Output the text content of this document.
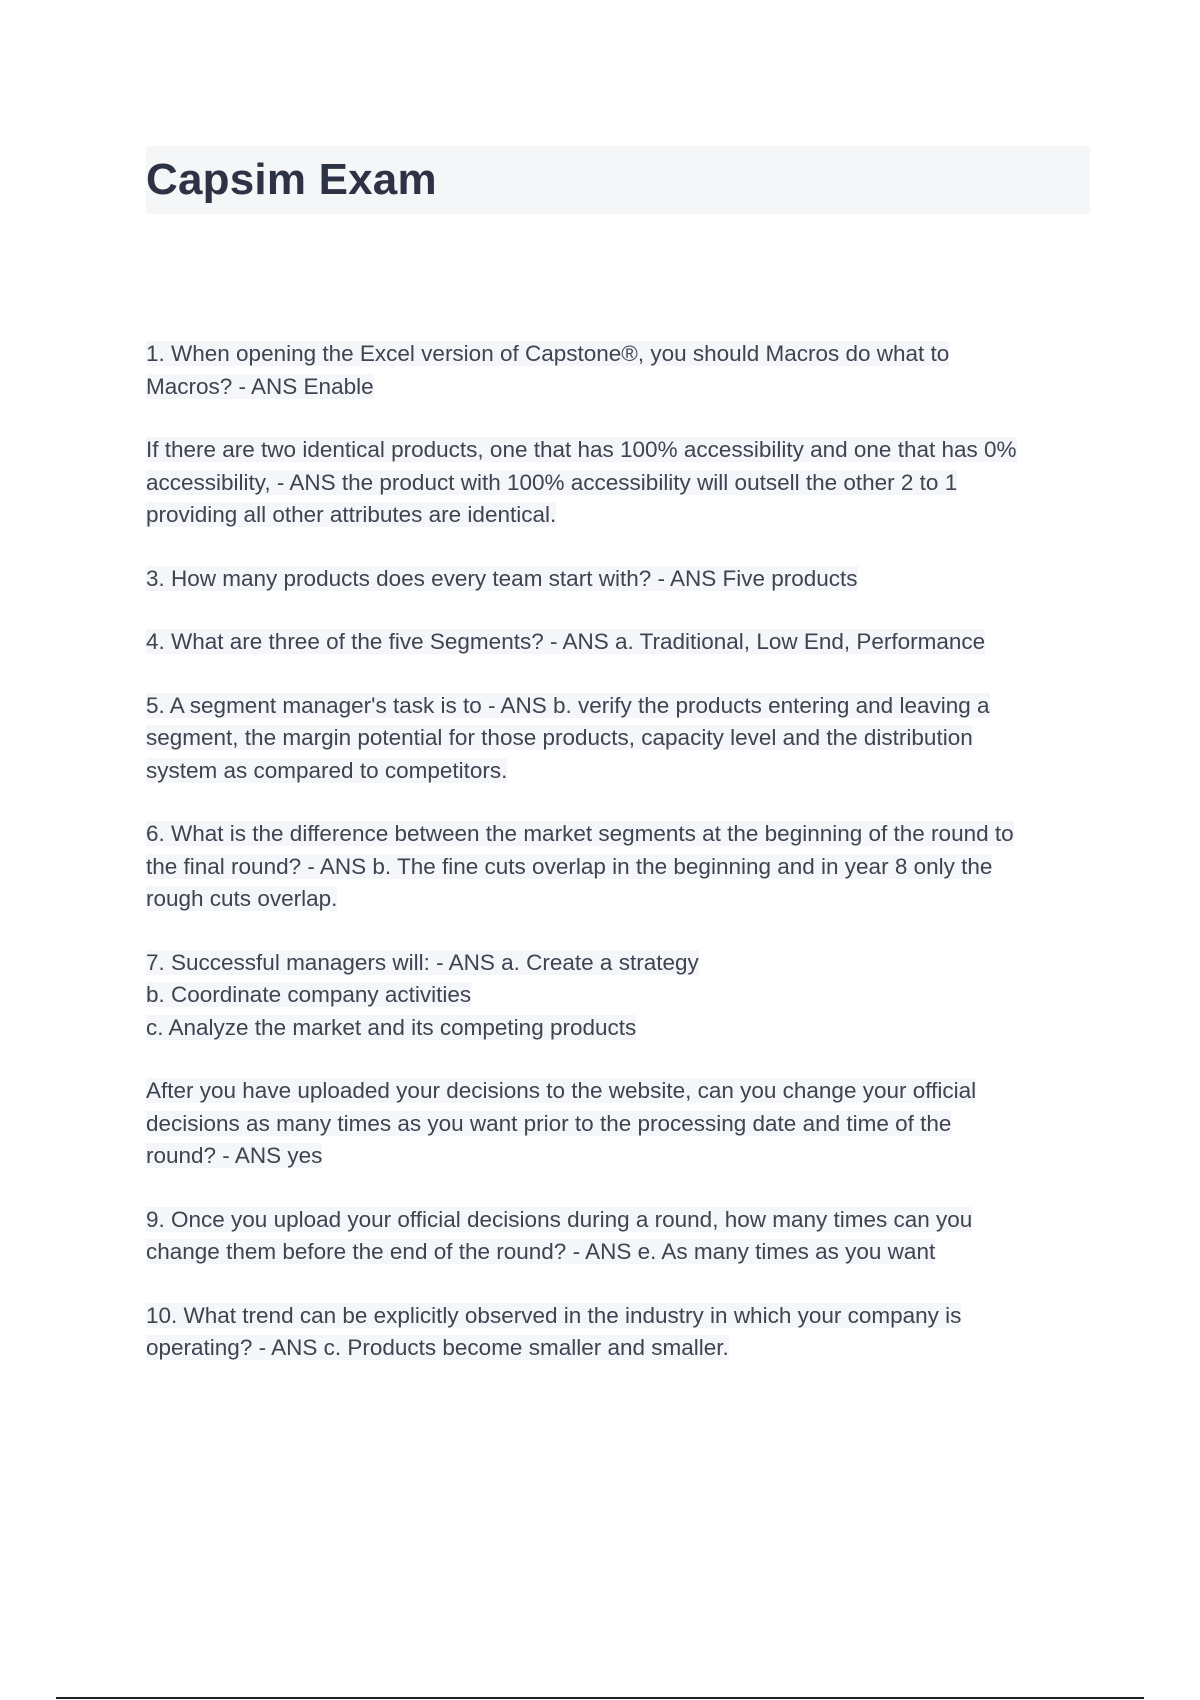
Capsim Exam
1. When opening the Excel version of Capstone®, you should Macros do what to
Macros? - ANS Enable
If there are two identical products, one that has 100% accessibility and one that has 0%
accessibility, - ANS the product with 100% accessibility will outsell the other 2 to 1
providing all other attributes are identical.
3. How many products does every team start with? - ANS Five products
4. What are three of the five Segments? - ANS a. Traditional, Low End, Performance
5. A segment manager's task is to - ANS b. verify the products entering and leaving a
segment, the margin potential for those products, capacity level and the distribution
system as compared to competitors.
6. What is the difference between the market segments at the beginning of the round to
the final round? - ANS b. The fine cuts overlap in the beginning and in year 8 only the
rough cuts overlap.
7. Successful managers will: - ANS a. Create a strategy
b. Coordinate company activities
c. Analyze the market and its competing products
After you have uploaded your decisions to the website, can you change your official
decisions as many times as you want prior to the processing date and time of the
round? - ANS yes
9. Once you upload your official decisions during a round, how many times can you
change them before the end of the round? - ANS e. As many times as you want
10. What trend can be explicitly observed in the industry in which your company is
operating? - ANS c. Products become smaller and smaller.
